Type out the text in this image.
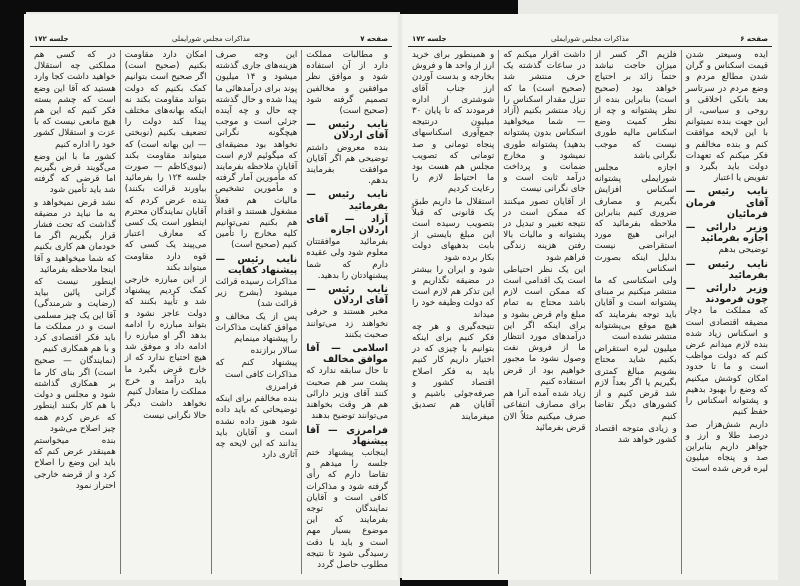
صفحه ۷
مذاکرات مجلس شورایملی
جلسه ۱۷۲

و مطالبات مملکت دارد از آن استفاده شود و موافق نظر موافقین و مخالفین تصمیم گرفته شود (صحیح است)

نایب رئیس — آقای اردلان

بنده معروض داشتم توضیحی هم اگر آقایان موافقت بفرمایند بدهم.

نایب رئیس — بفرمائید

آزاد — آقای اردلان اجازه

بفرمائید موافقتتان معلوم شود ولی عقیده دارم که شما پیشنهادتان را بدهید.

نایب رئیس — آقای اردلان

مخبر هستند و حرفی نخواهند زد می‌توانند صحبت بکنند

اسلامی — آقا موافق مخالف

تا حال سابقه ندارد که پشت سر هم صحبت کنند آقای وزیر دارائی هم هر وقت بخواهند می‌توانند توضیح بدهند

فرامرزی — آقا پیشنهاد

اینجانب پیشنهاد ختم جلسه را میدهم و تقاضا دارم که رأی گرفته شود و مذاکرات کافی است و آقایان نمایندگان توجه بفرمایند که این موضوع بسیار مهم است و باید با دقت رسیدگی شود تا نتیجه مطلوب حاصل گردد

این وجه صرف هزینه‌های جاری گذشته میشود و ۱۴ میلیون پوند برای درآمدهائی ما پیدا شده و حال گذشته چه حال و چه آینده جزئی است و موجب هیچگونه نگرانی نخواهد بود مضیقه‌ای که میگوئیم لازم است آقایان ملاحظه بفرمایند که مأمورین آمار گرفته و مأمورین تشخیص مالیات هم فعلاً مشغول هستند و اقدام هم بکنیم نمی‌توانیم کلیه مخارج را تأمین کنیم (صحیح است)

نایب رئیس — پیشنهاد کفایت

مذاکرات رسیده قرائت میشود (بشرح زیر قرائت شد)

پس از یک مخالف و موافق کفایت مذاکرات را پیشنهاد مینمایم

سالار برازنده

پیشنهاد کنم که مذاکرات کافی است

فرامرزی

بنده مخالفم برای اینکه توضیحاتی که باید داده شود هنوز داده نشده است و آقایان باید بدانند که این لایحه چه آثاری دارد

امکان دارد مقاومت بکنیم (صحیح است) اگر صحیح است بتوانیم کمک بکنیم که دولت بتواند مقاومت بکند نه اینکه بهانه‌های مختلف پیدا کند دولت را تضعیف بکنیم (نوبختی — این بهانه است) که میتواند مقاومت بکند (نبوی‌کاظم — صورت جلسه ۱۲۴ را بفرمائید بیاورند قرائت بکنند) بنده عرض کردم که آقایان نمایندگان محترم اینطور است یک کسی که معارف اعتبار می‌پیند یک کسی که قوه دارد مقاومت میتواند بکند

از این مبارزه خارجی کمک کردیم پیشنهاد شد و تأیید بکنند که دولت عاجز نشود و بتواند مبارزه را ادامه بدهد اگر او مبارزه را ادامه داد و موفق شد هیچ احتیاج ندارد که از خارج قرض بگیرد ما باید درآمد و خرج مملکت را متعادل کنیم

نخواهد داشت دیگر حالا نگرانی نیست

در که کسی هم مملکتی چه استقلال خواهید داشت کجا وارد هستید که آقا این وضع است که چشم بسته فکر کنیم که این هم هیچ مانعی نیست که با عزت و استقلال کشور خود را اداره کنیم

کشور ما با این وضع می‌گویند قرض بگیریم اما قرضی که گرفته شد باید تأمین شود

نشد قرض نمیخواهد و به ما نباید در مضیقه گذاشت که تحت فشار قرار بگیریم اگر ما خودمان هم کاری بکنیم که شما میخواهید و آقا اینجا ملاحظه بفرمائید

اینطور نیست که گرانی پائین بیاید (رضایت و شرمندگی) آقا این یک چیز مسلمی است و در مملکت ما باید فکر اقتصادی کرد و با هم همکاری کنیم

(نمایندگان — صحیح است) اگر بنای کار ما بر همکاری گذاشته شود و مجلس و دولت با هم کار بکنند اینطور که عرض کردم همه چیز اصلاح می‌شود

بنده میخواستم همینقدر عرض کنم که باید این وضع را اصلاح کرد و از قرضه خارجی احتراز نمود

صفحه ۶
مذاکرات مجلس شورایملی
جلسه ۱۷۲

ایده وسیعتر شدن قیمت اسکناس و گران شدن مطالع مردم و وضع مردم در سرتاسر بعد بانکی اخلاقی و روحی و سیاسی، از این جهت بنده نمیتوانم با این لایحه موافقت کنم و بنده مخالفم و فکر میکنم که تعهدات دولت باید بگیرد و تفویض یا اعتبار

نایب رئیس — آقای فرمان فرمائیان

وزیر دارائی — اجازه بفرمائید

توضیحی بدهم

نایب رئیس — بفرمائید

وزیر دارائی — چون فرمودند

که مملکت ما دچار مضیقه اقتصادی است و اسکناس زیاد شده بنده لازم میدانم عرض کنم که دولت مواظب است و ما تا حدود امکان کوشش میکنیم که وضع را بهبود بدهیم و پشتوانه اسکناس را حفظ کنیم

داریم شش‌هزار صد درصد طلا و ارز و جواهر داریم بنابراین صد و پنجاه میلیون لیره قرض شده است

فلزیم اگر کسر از میزان حاجت نباشد حتماً زائد بر احتیاج خواهد بود (صحیح است) بنابراین بنده از نظر پشتوانه و چه از نظر کمیت وضع اسکناس مالیه طوری نیست که موجب نگرانی باشد

اجازه مجلس شورایملی پشتوانه اسکناس افزایش بگیریم و مصارف ضروری کنیم بنابراین ملاحظه بفرمائید که ایرانی هیچ مورد استقراضی نیست بدلیل اینکه بصورت اسکناس

ولی اسکناسی که ما منتشر میکنیم بر مبنای پشتوانه است و آقایان باید توجه بفرمایند که هیچ موقع بی‌پشتوانه منتشر نشده است

میلیون لیره استقراض بکنیم شاید محتاج بشویم مبالغ کمتری بگیریم یا اگر بعداً لازم شد قرض کنیم و از کشورهای دیگر تقاضا کنیم

و زیادی متوجه اقتصاد کشور خواهد شد

داشت اقرار میکنم که در ساعات گذشته یک حرف منتشر شد (صحیح است) ما که تنزل مقدار اسکناس را زیاد منتشر بکنیم (آزاد — شما میخواهید اسکناس بدون پشتوانه بدهید) پشتوانه طوری نمیشود و مخارج ضمانت و پرداخت درآمد ثابت است و جای نگرانی نیست

از آقایان تصور میکنند که ممکن است در نتیجه تغییر و تبدیل در پشتوانه و مالیات بالا رفتن هزینه زندگی فراهم شود

این یک نظر احتیاطی است یک اقدامی است که ممکن است لازم باشد محتاج به تمام مبلغ وام قرض بشود و برای اینکه اگر این درآمدهای مورد انتظار ما از فروش نفت وصول نشود ما مجبور خواهیم بود از قرض استفاده کنیم

زیاد شده آمده آنرا هم برای مصارف انتفاعی صرف میکنیم مثلاً الان قرض بفرمائید

و همینطور برای خرید ارز از واحد ها و فروش بخارجه و بدست آوردن ارز جناب آقای شوشتری از اداره فرمودند که تا پایان ۳۰ میلیون درنتیجه جمع‌آوری اسکناسهای پنجاه تومانی و صد تومانی که تصویب مجلس هم هست بود ما احتیاط لازم را رعایت کردیم

استقلال ما داریم طبق یک قانونی که قبلاً بتصویب رسیده است این مبلغ بایستی از بابت بدهیهای دولت بکار برده شود

شود و ایران را بیشتر در مضیقه نگذاریم و این تذکر هم لازم است که دولت وظیفه خود را میداند

نتیجه‌گیری و هر چه فکر کنیم برای اینکه بتوانیم با چیزی که در اختیار داریم کار کنیم باید به فکر اصلاح اقتصاد کشور و صرفه‌جوئی باشیم و آقایان هم تصدیق میفرمایند
